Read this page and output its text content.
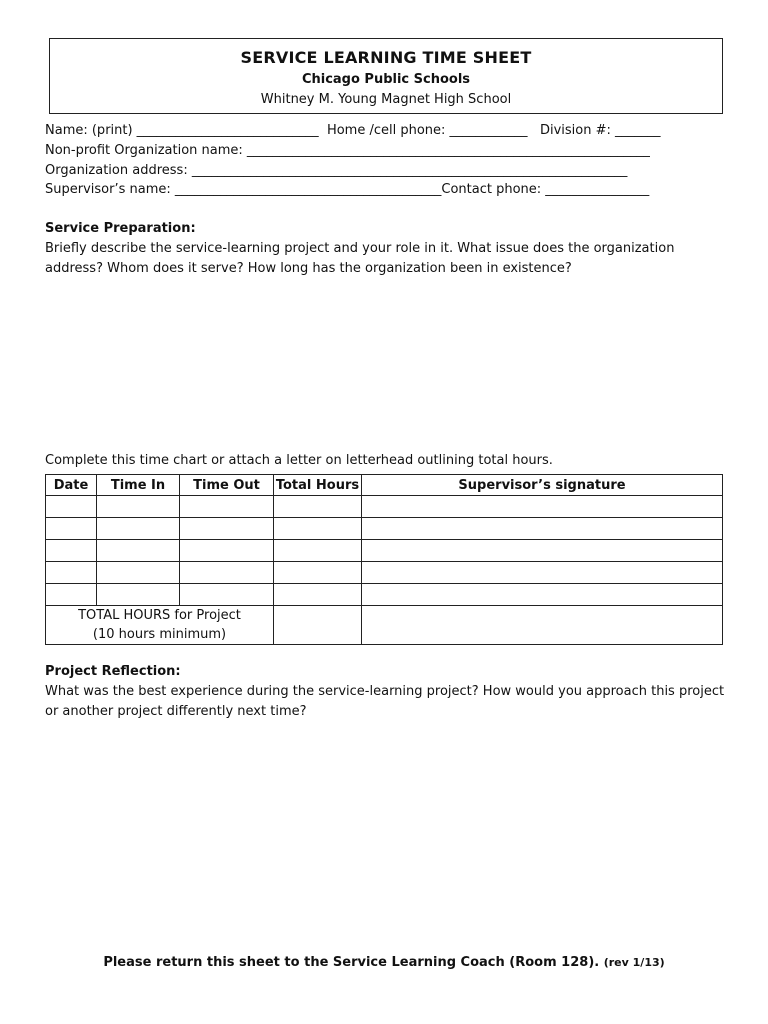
SERVICE LEARNING TIME SHEET
Chicago Public Schools
Whitney M. Young Magnet High School
Name: (print) ____________________________  Home /cell phone: ____________   Division #: _______
Non-profit Organization name: ______________________________________________________________
Organization address: ___________________________________________________________________
Supervisor’s name: _________________________________________Contact phone: ________________
Service Preparation:
Briefly describe the service-learning project and your role in it. What issue does the organization address? Whom does it serve? How long has the organization been in existence?
Complete this time chart or attach a letter on letterhead outlining total hours.
Date	Time In	Time Out	Total Hours	Supervisor’s signature

TOTAL HOURS for Project
(10 hours minimum)				

Project Reflection:
What was the best experience during the service-learning project? How would you approach this project or another project differently next time?
Please return this sheet to the Service Learning Coach (Room 128). (rev 1/13)
